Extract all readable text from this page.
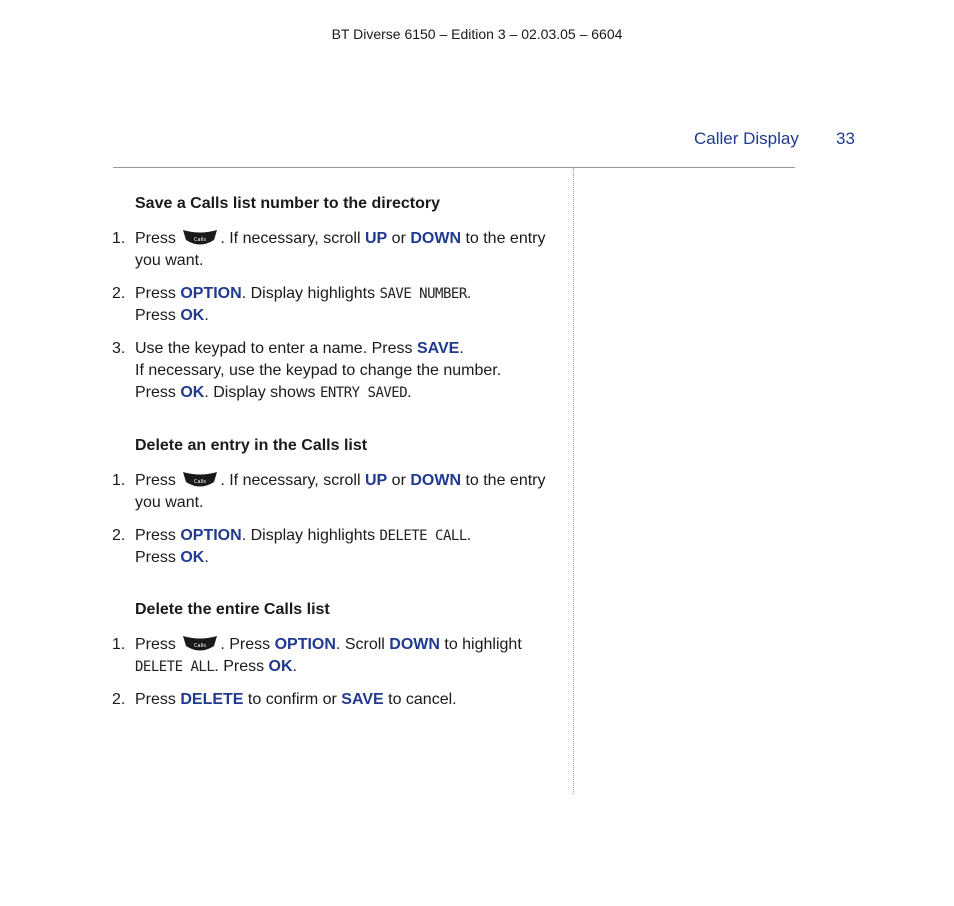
BT Diverse 6150 – Edition 3 – 02.03.05 – 6604
Caller Display 33
Save a Calls list number to the directory
1. Press	Calls . If necessary, scroll UP or DOWN to the entry you want.
2. Press OPTION. Display highlights SAVE NUMBER.
Press OK.
3. Use the keypad to enter a name. Press SAVE.
If necessary, use the keypad to change the number.
Press OK. Display shows ENTRY SAVED.
Delete an entry in the Calls list
1. Press	Calls . If necessary, scroll UP or DOWN to the entry you want.
2. Press OPTION. Display highlights DELETE CALL.
Press OK.
Delete the entire Calls list
1. Press	Calls . Press OPTION. Scroll DOWN to highlight DELETE ALL. Press OK.
2. Press DELETE to confirm or SAVE to cancel.
